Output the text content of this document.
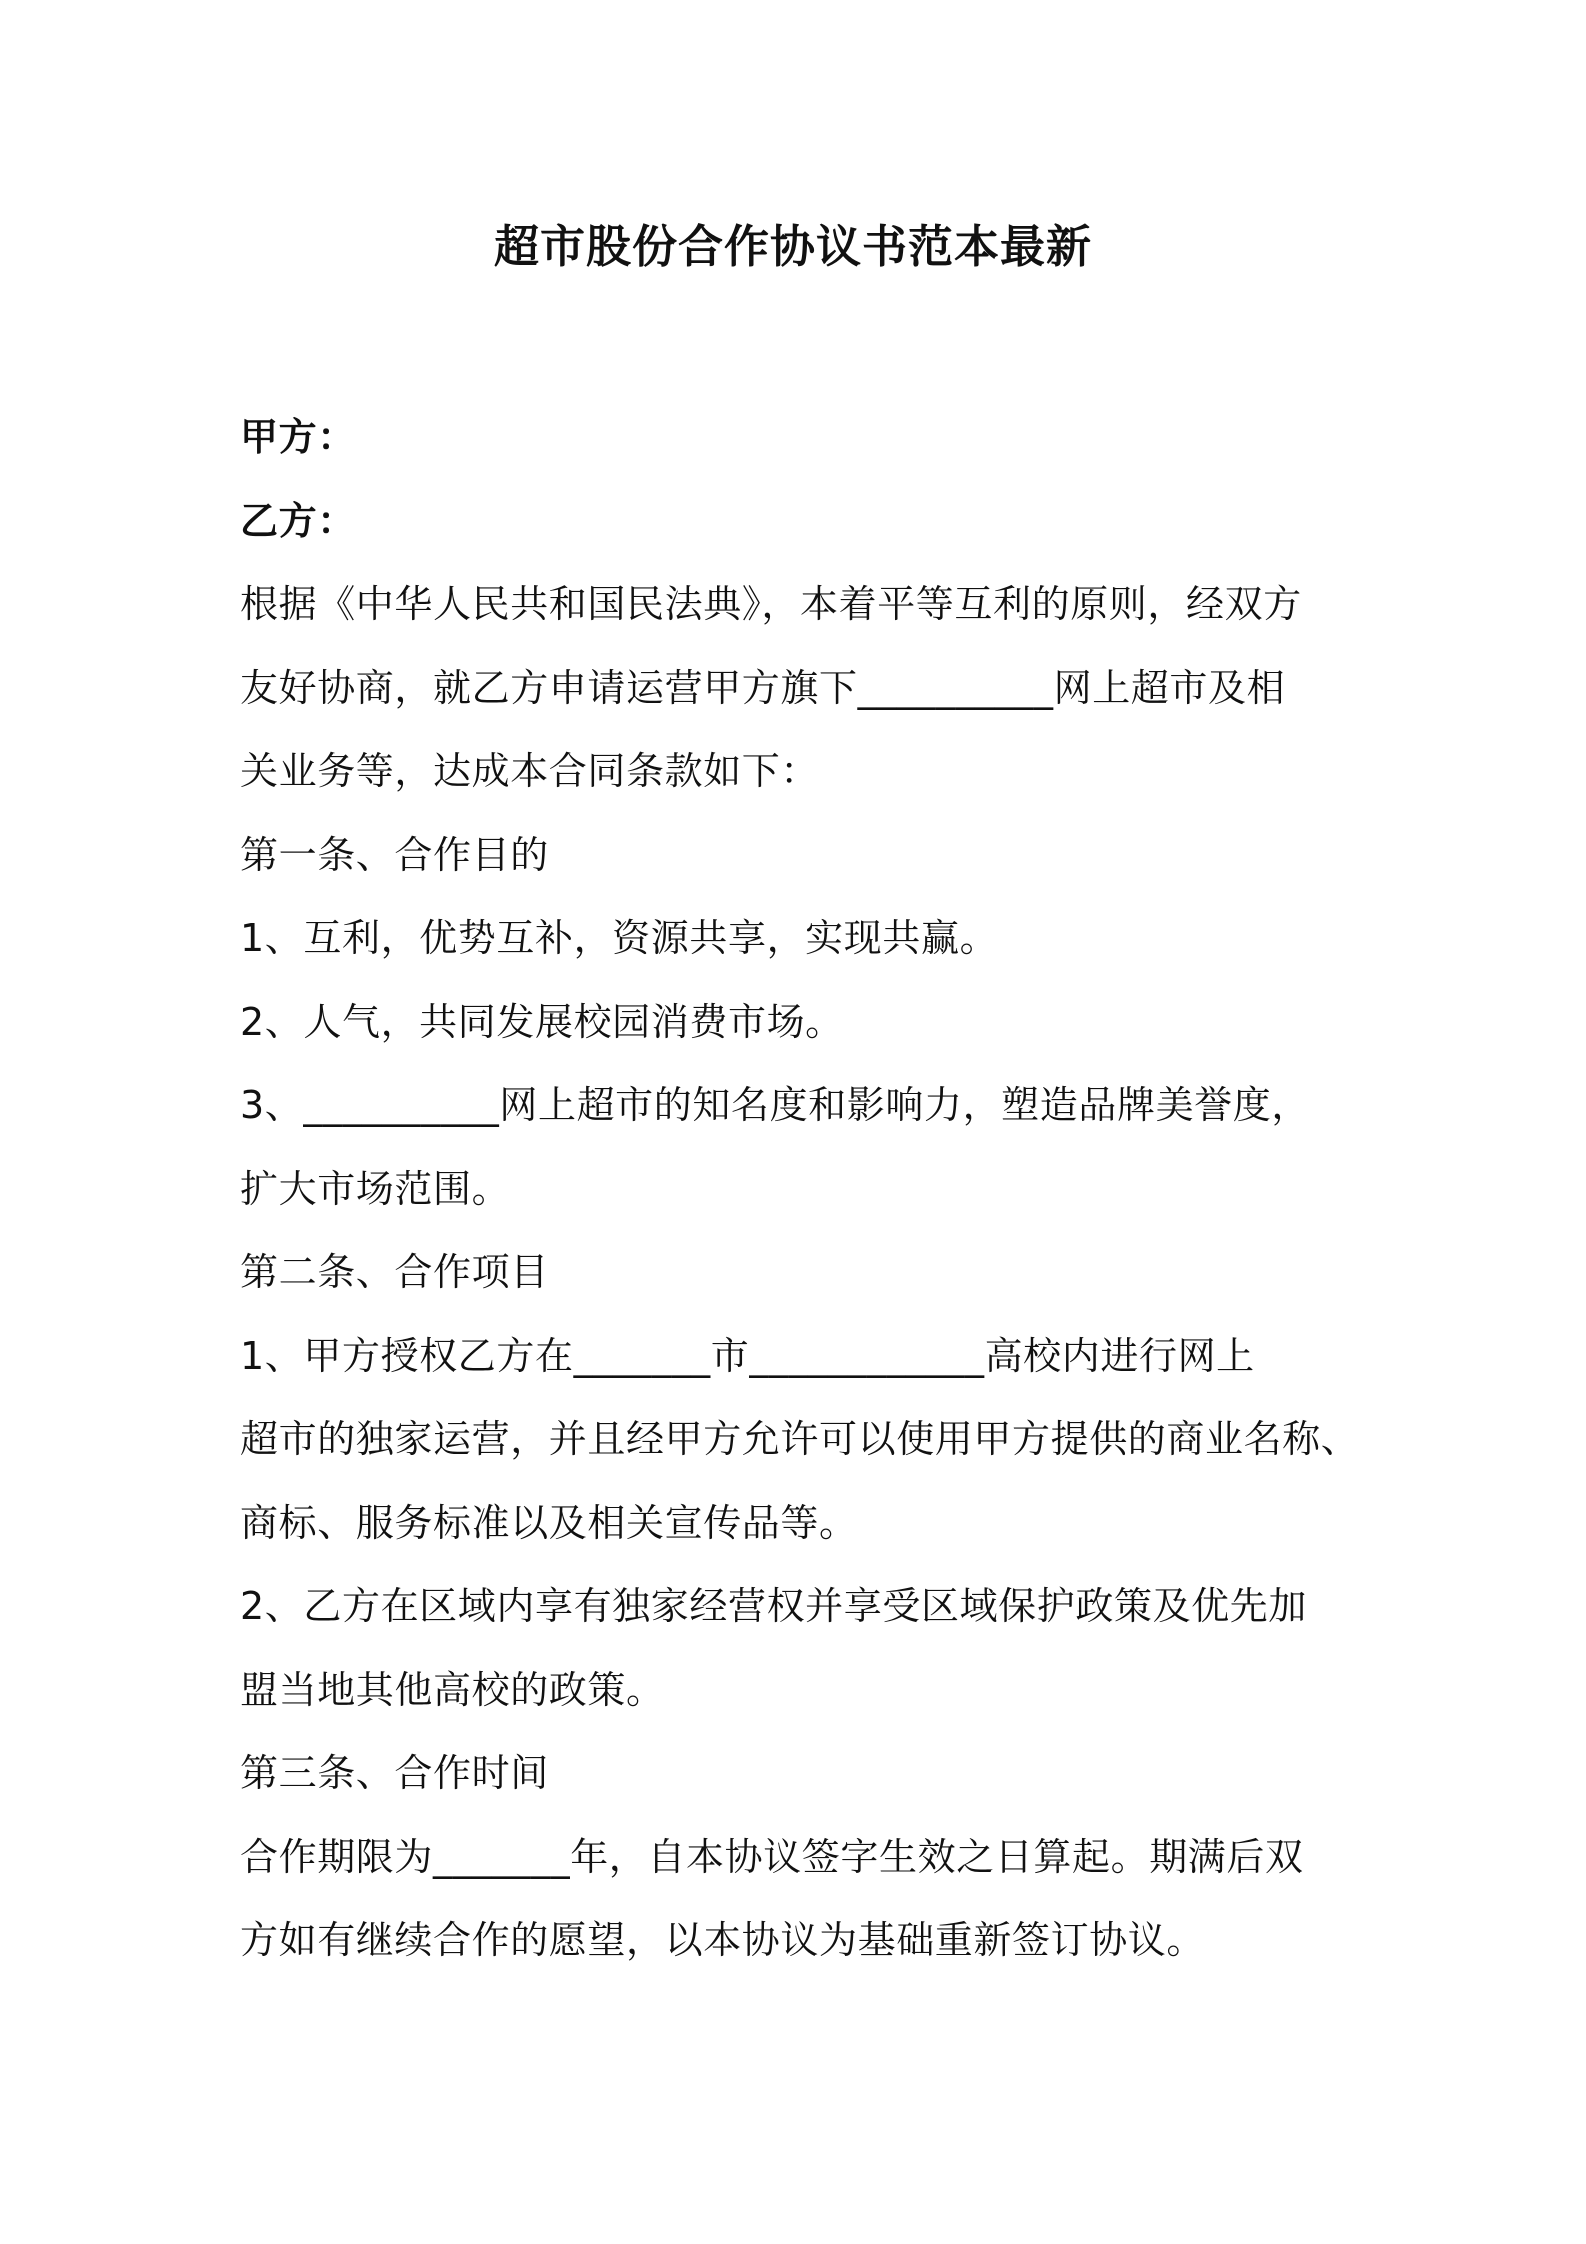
超市股份合作协议书范本最新
甲方：
乙方：
根据《中华人民共和国民法典》，本着平等互利的原则，经双方
友好协商，就乙方申请运营甲方旗下__________网上超市及相
关业务等，达成本合同条款如下：
第一条、合作目的
1、互利，优势互补，资源共享，实现共赢。
2、人气，共同发展校园消费市场。
3、__________网上超市的知名度和影响力，塑造品牌美誉度，
扩大市场范围。
第二条、合作项目
1、甲方授权乙方在_______市____________高校内进行网上
超市的独家运营，并且经甲方允许可以使用甲方提供的商业名称、
商标、服务标准以及相关宣传品等。
2、乙方在区域内享有独家经营权并享受区域保护政策及优先加
盟当地其他高校的政策。
第三条、合作时间
合作期限为_______年，自本协议签字生效之日算起。期满后双
方如有继续合作的愿望，以本协议为基础重新签订协议。
